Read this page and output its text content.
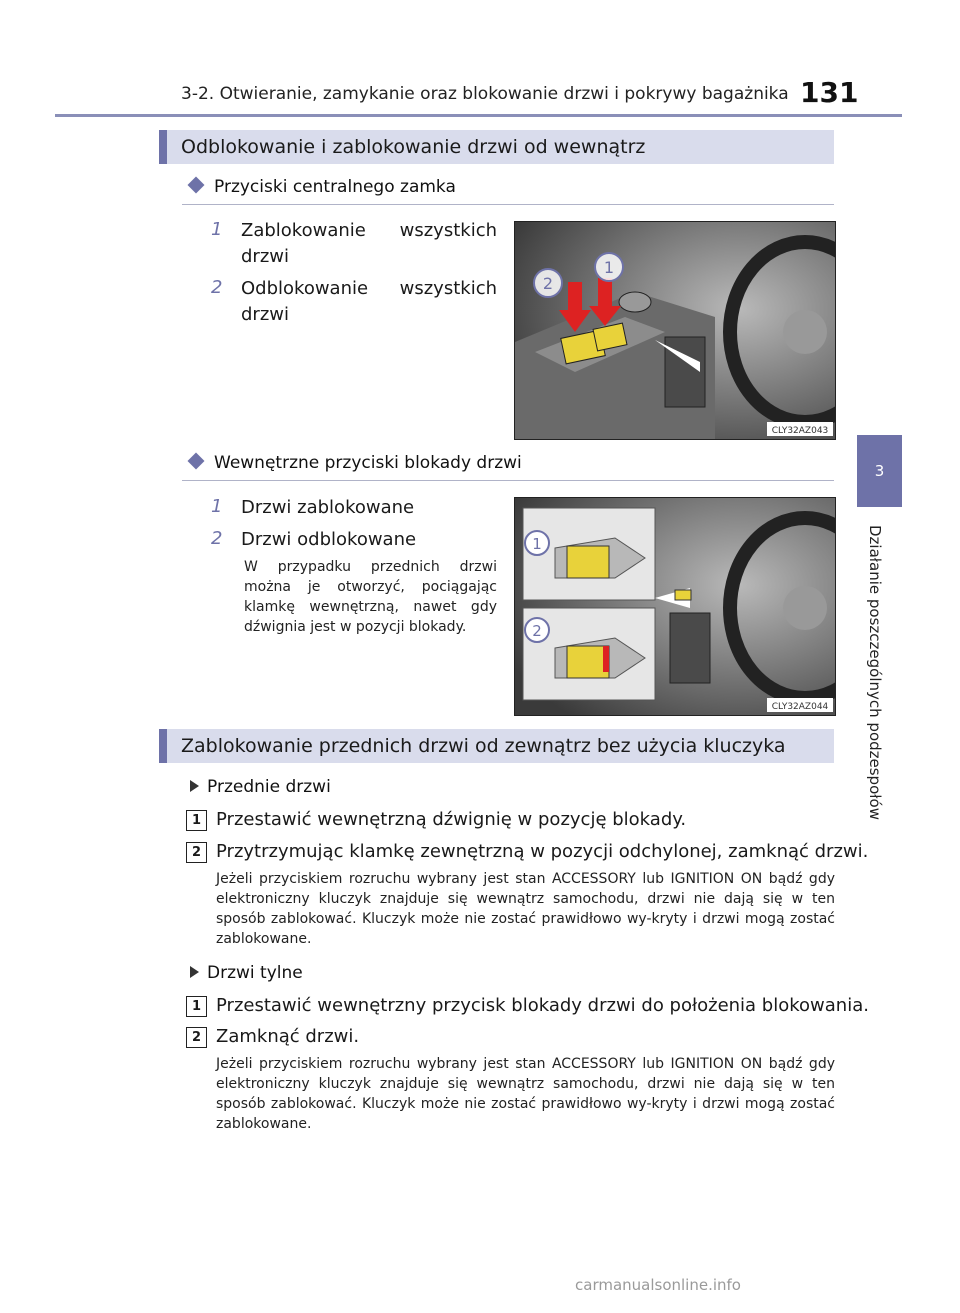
3-2. Otwieranie, zamykanie oraz blokowanie drzwi i pokrywy bagażnika 131
3
Działanie poszczególnych podzespołów
Odblokowanie i zablokowanie drzwi od wewnątrz
Przyciski centralnego zamka
1	Zablokowanie wszystkich drzwi
2	Odblokowanie wszystkich drzwi
2
1
CLY32AZ043
Wewnętrzne przyciski blokady drzwi
1	Drzwi zablokowane
2	Drzwi odblokowane
W przypadku przednich drzwi można je otworzyć, pociągając klamkę wewnętrzną, nawet gdy dźwignia jest w pozycji blokady.
1
2
CLY32AZ044
Zablokowanie przednich drzwi od zewnątrz bez użycia kluczyka
Przednie drzwi
1 Przestawić wewnętrzną dźwignię w pozycję blokady.
2 Przytrzymując klamkę zewnętrzną w pozycji odchylonej, zamknąć drzwi.
Jeżeli przyciskiem rozruchu wybrany jest stan ACCESSORY lub IGNITION ON bądź gdy elektroniczny kluczyk znajduje się wewnątrz samochodu, drzwi nie dają się w ten sposób zablokować. Kluczyk może nie zostać prawidłowo wy-kryty i drzwi mogą zostać zablokowane.
Drzwi tylne
1 Przestawić wewnętrzny przycisk blokady drzwi do położenia blokowania.
2 Zamknąć drzwi.
Jeżeli przyciskiem rozruchu wybrany jest stan ACCESSORY lub IGNITION ON bądź gdy elektroniczny kluczyk znajduje się wewnątrz samochodu, drzwi nie dają się w ten sposób zablokować. Kluczyk może nie zostać prawidłowo wy-kryty i drzwi mogą zostać zablokowane.
carmanualsonline.info
